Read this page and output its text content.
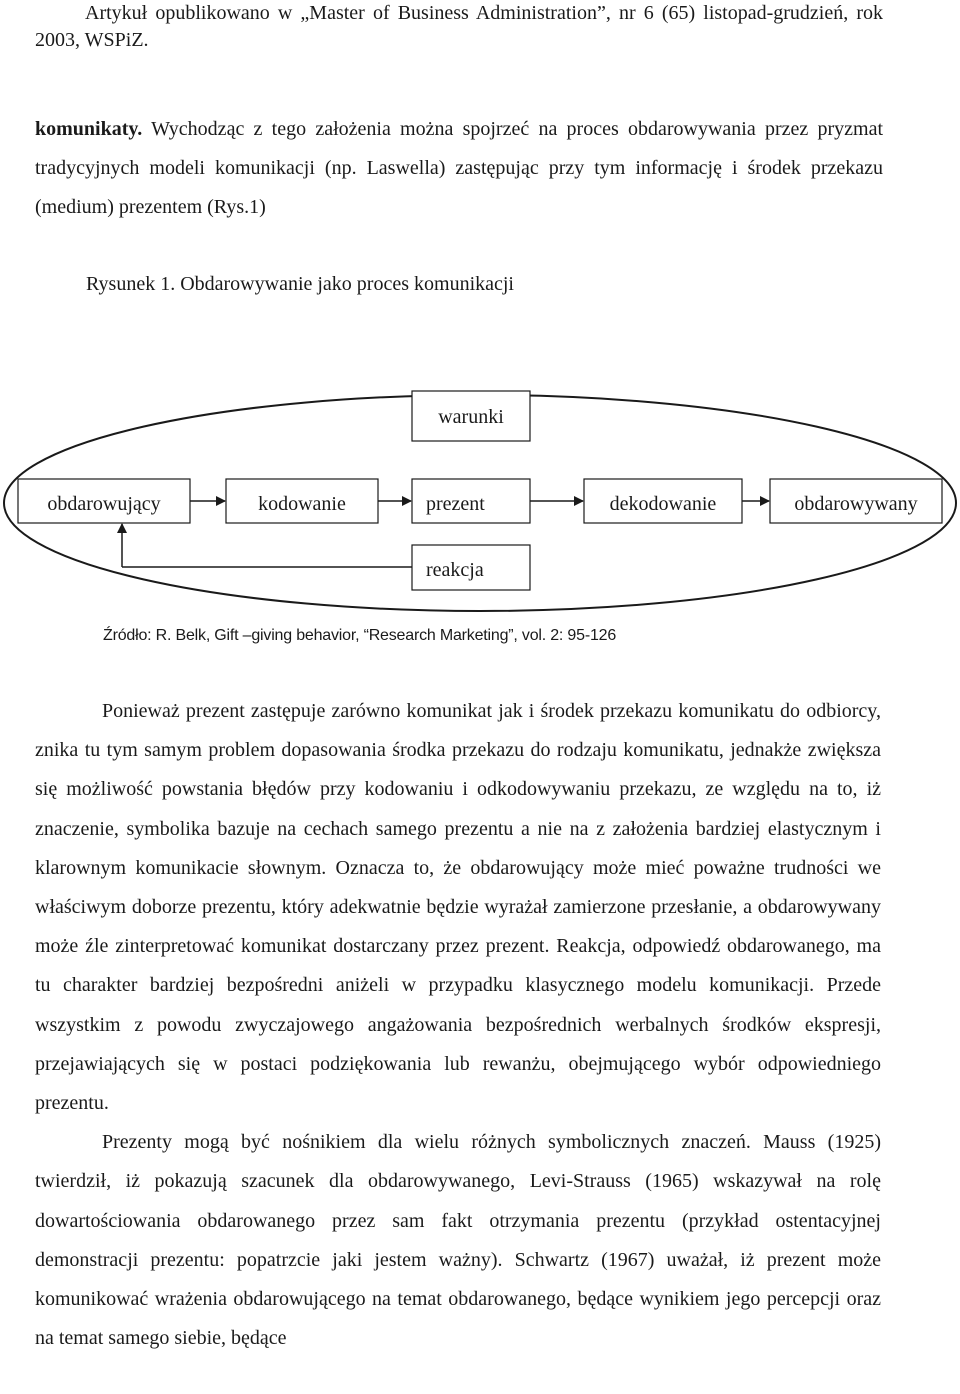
Artykuł opublikowano w „Master of Business Administration”, nr 6 (65) listopad-grudzień, rok 2003, WSPiZ.
komunikaty. Wychodząc z tego założenia można spojrzeć na proces obdarowywania przez pryzmat tradycyjnych modeli komunikacji (np. Laswella) zastępując przy tym informację i środek przekazu (medium) prezentem (Rys.1)
Rysunek 1. Obdarowywanie jako proces komunikacji
warunki
obdarowujący	kodowanie	prezent	dekodowanie	obdarowywany
reakcja
Źródło: R. Belk, Gift –giving behavior, “Research Marketing”, vol. 2: 95-126

Ponieważ prezent zastępuje zarówno komunikat jak i środek przekazu komunikatu do odbiorcy, znika tu tym samym problem dopasowania środka przekazu do rodzaju komunikatu, jednakże zwiększa się możliwość powstania błędów przy kodowaniu i odkodowywaniu przekazu, ze względu na to, iż znaczenie, symbolika bazuje na cechach samego prezentu a nie na z założenia bardziej elastycznym i klarownym komunikacie słownym. Oznacza to, że obdarowujący może mieć poważne trudności we właściwym doborze prezentu, który adekwatnie będzie wyrażał zamierzone przesłanie, a obdarowywany może źle zinterpretować komunikat dostarczany przez prezent. Reakcja, odpowiedź obdarowanego, ma tu charakter bardziej bezpośredni aniżeli w przypadku klasycznego modelu komunikacji. Przede wszystkim z powodu zwyczajowego angażowania bezpośrednich werbalnych środków ekspresji, przejawiających się w postaci podziękowania lub rewanżu, obejmującego wybór odpowiedniego prezentu.

Prezenty mogą być nośnikiem dla wielu różnych symbolicznych znaczeń. Mauss (1925) twierdził, iż pokazują szacunek dla obdarowywanego, Levi-Strauss (1965) wskazywał na rolę dowartościowania obdarowanego przez sam fakt otrzymania prezentu (przykład ostentacyjnej demonstracji prezentu: popatrzcie jaki jestem ważny). Schwartz (1967) uważał, iż prezent może komunikować wrażenia obdarowującego na temat obdarowanego, będące wynikiem jego percepcji oraz na temat samego siebie, będące
